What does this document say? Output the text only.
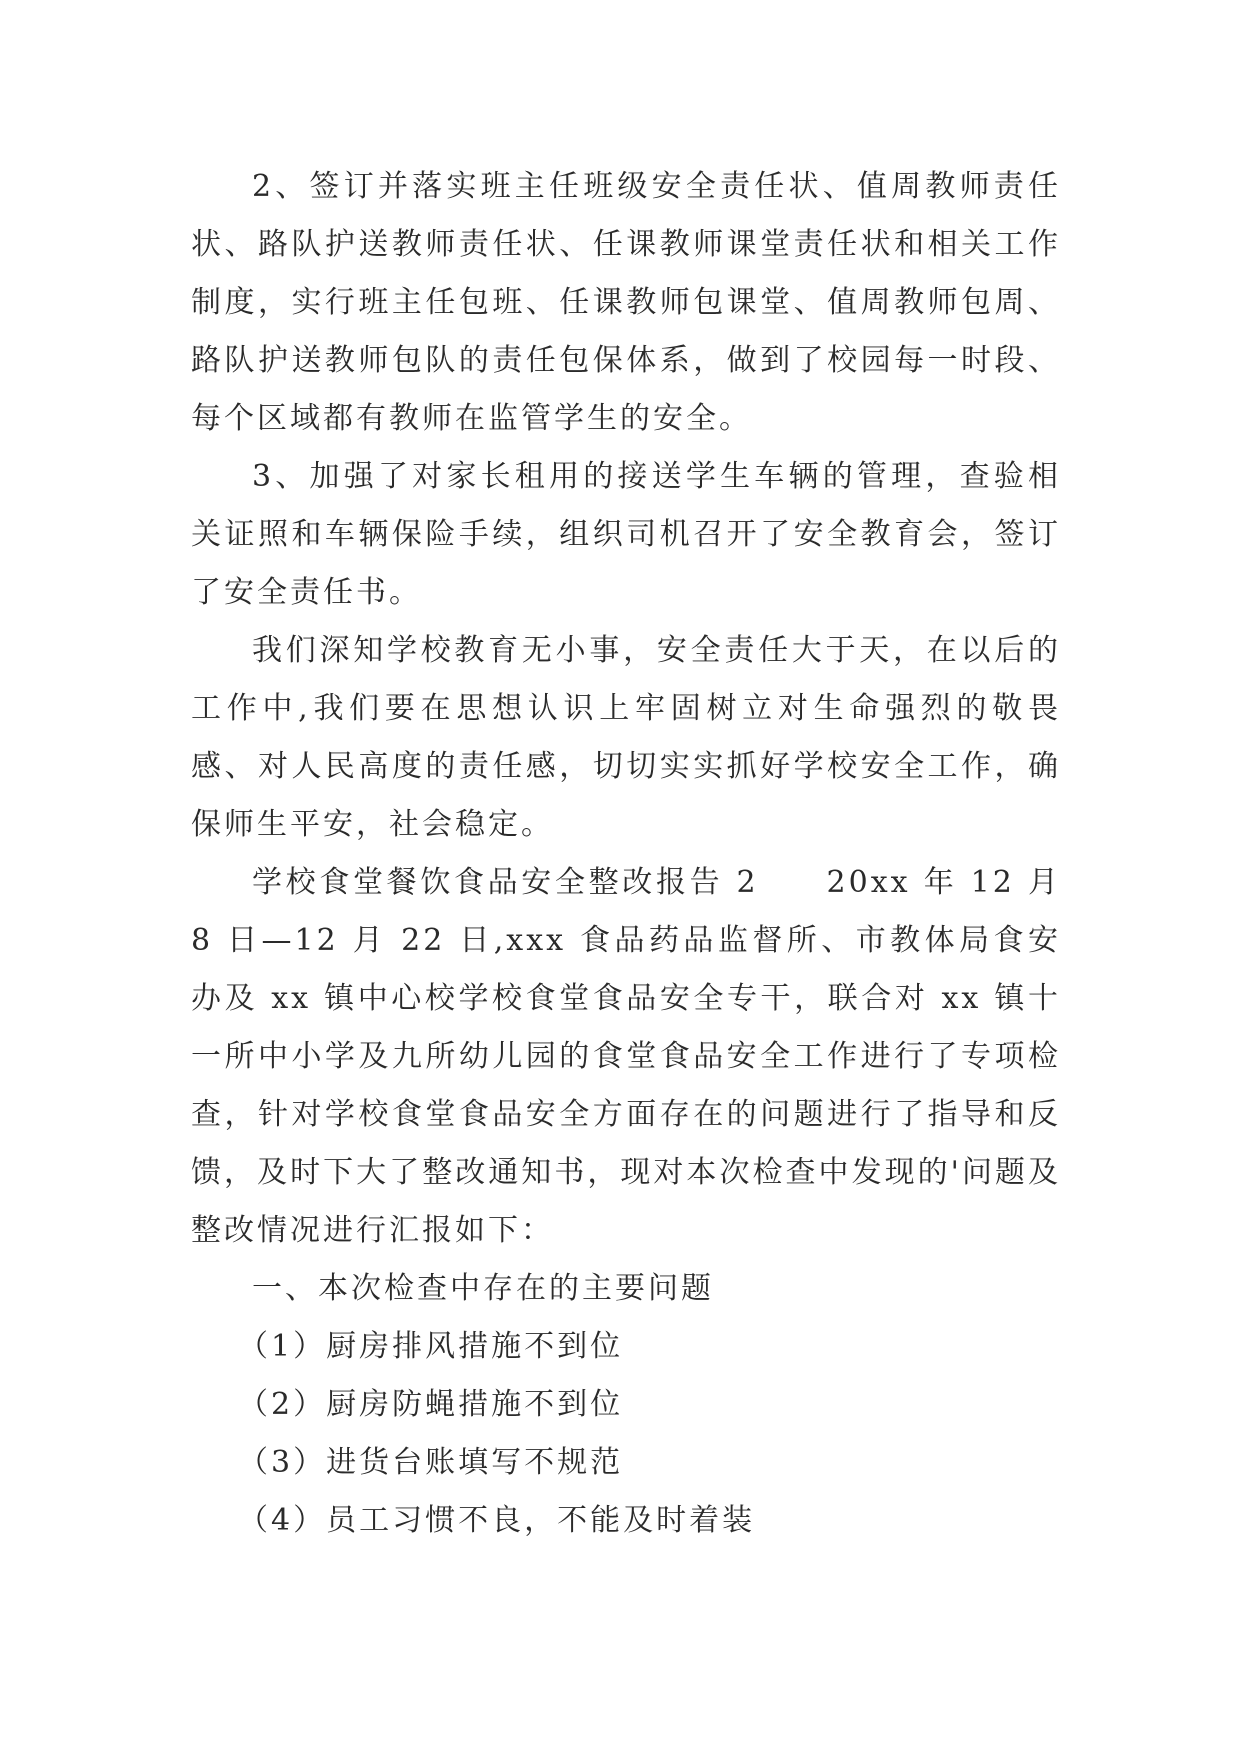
2、签订并落实班主任班级安全责任状、值周教师责任状、路队护送教师责任状、任课教师课堂责任状和相关工作制度，实行班主任包班、任课教师包课堂、值周教师包周、路队护送教师包队的责任包保体系，做到了校园每一时段、每个区域都有教师在监管学生的安全。

3、加强了对家长租用的接送学生车辆的管理，查验相关证照和车辆保险手续，组织司机召开了安全教育会，签订了安全责任书。

我们深知学校教育无小事，安全责任大于天，在以后的工作中,我们要在思想认识上牢固树立对生命强烈的敬畏感、对人民高度的责任感，切切实实抓好学校安全工作，确保师生平安，社会稳定。

学校食堂餐饮食品安全整改报告 2　　20xx 年 12 月 8 日—12 月 22 日,xxx 食品药品监督所、市教体局食安办及 xx 镇中心校学校食堂食品安全专干，联合对 xx 镇十一所中小学及九所幼儿园的食堂食品安全工作进行了专项检查，针对学校食堂食品安全方面存在的问题进行了指导和反馈，及时下大了整改通知书，现对本次检查中发现的'问题及整改情况进行汇报如下：

一、本次检查中存在的主要问题

（1）厨房排风措施不到位

（2）厨房防蝇措施不到位

（3）进货台账填写不规范

（4）员工习惯不良，不能及时着装
